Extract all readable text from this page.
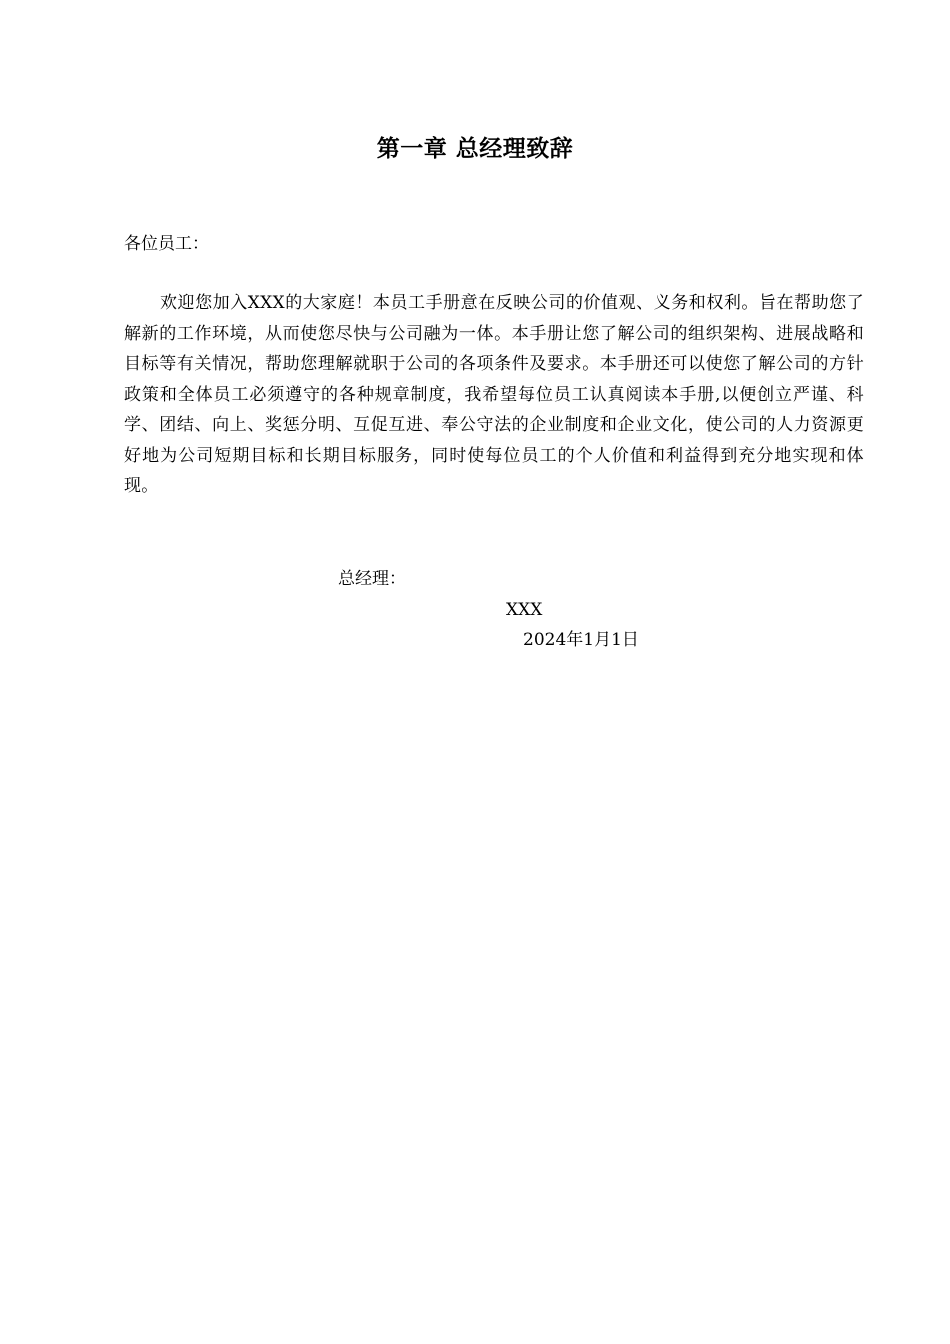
第一章 总经理致辞
各位员工：

欢迎您加入XXX的大家庭！本员工手册意在反映公司的价值观、义务和权利。旨在帮助您了解新的工作环境，从而使您尽快与公司融为一体。本手册让您了解公司的组织架构、进展战略和目标等有关情况，帮助您理解就职于公司的各项条件及要求。本手册还可以使您了解公司的方针政策和全体员工必须遵守的各种规章制度，我希望每位员工认真阅读本手册,以便创立严谨、科学、团结、向上、奖惩分明、互促互进、奉公守法的企业制度和企业文化，使公司的人力资源更好地为公司短期目标和长期目标服务，同时使每位员工的个人价值和利益得到充分地实现和体现。

总经理：
XXX
2024年1月1日
